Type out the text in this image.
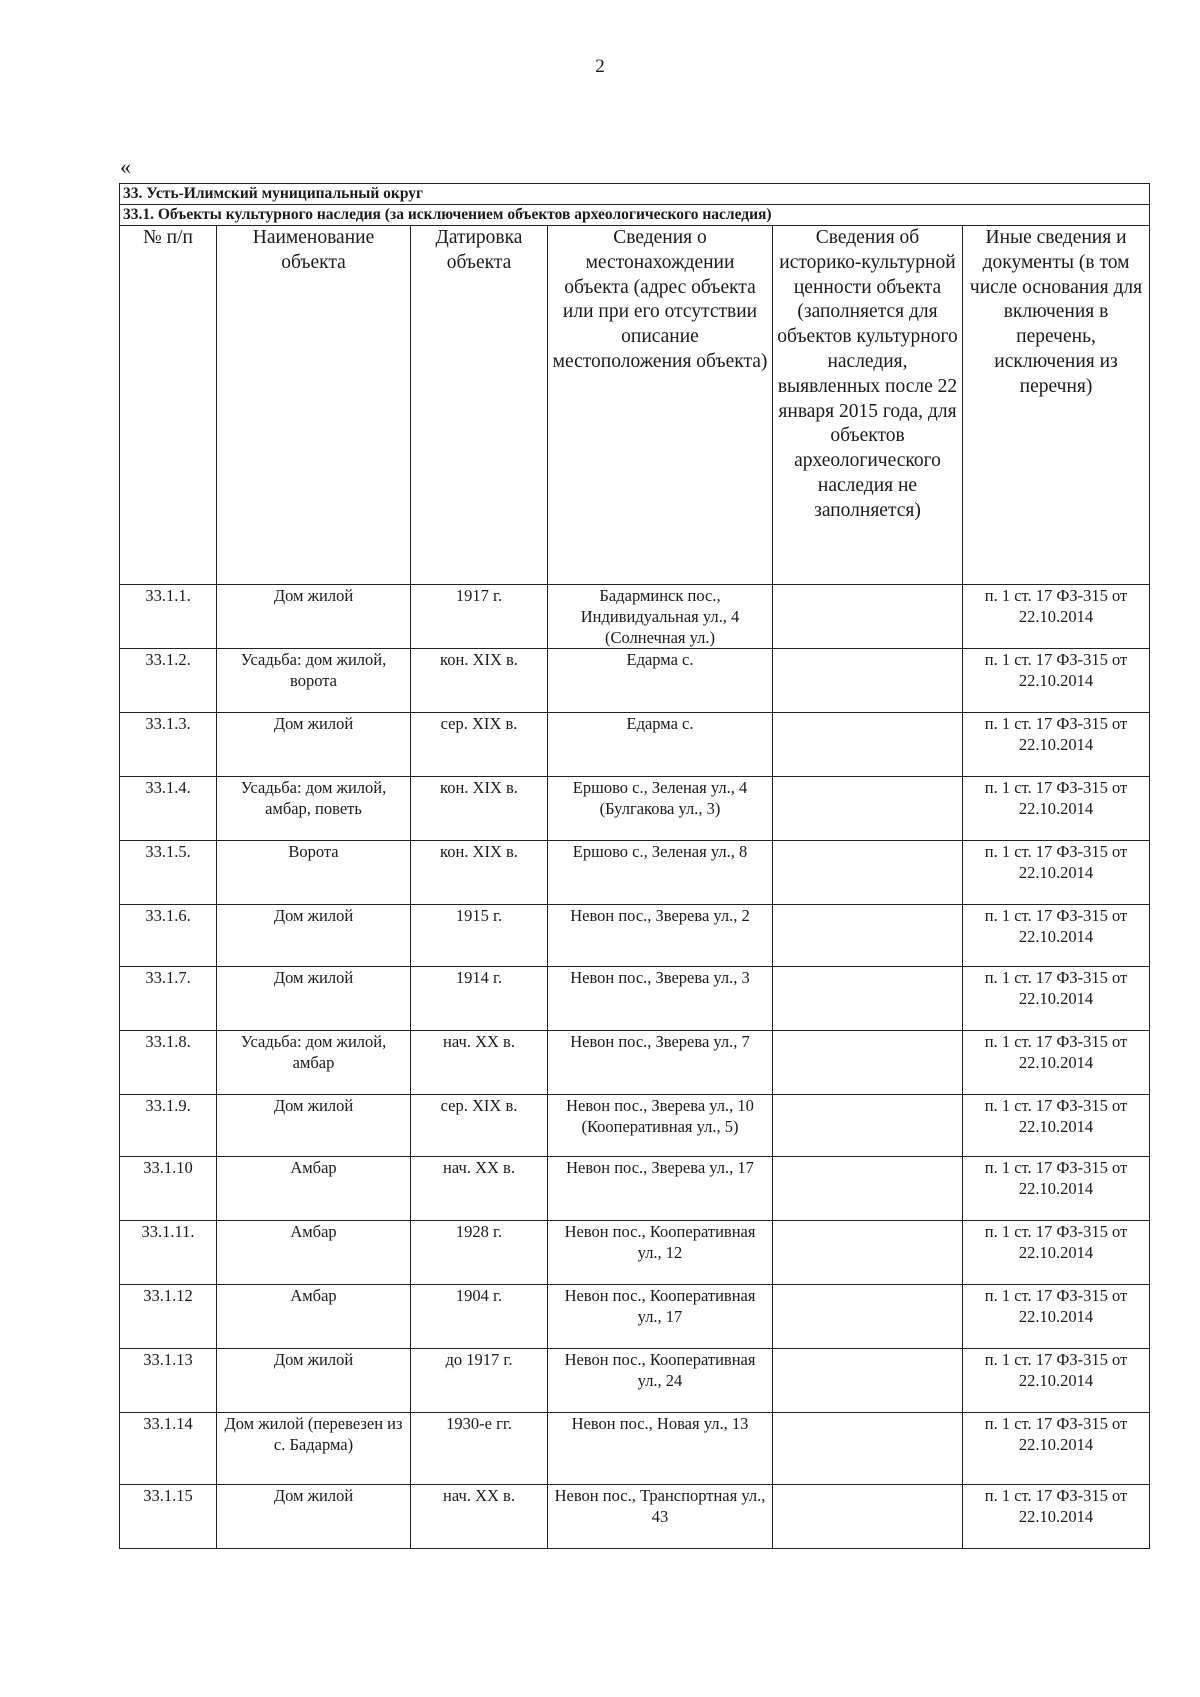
2
«
33. Усть-Илимский муниципальный округ					
33.1. Объекты культурного наследия (за исключением объектов археологического наследия)					
№ п/п	Наименование объекта	Датировка объекта	Сведения о местонахождении объекта (адрес объекта или при его отсутствии описание местоположения объекта)	Сведения об историко-культурной ценности объекта (заполняется для объектов культурного наследия, выявленных после 22 января 2015 года, для объектов археологического наследия не заполняется)	Иные сведения и документы (в том числе основания для включения в перечень, исключения из перечня)
33.1.1.	Дом жилой	1917 г.	Бадарминск пос., Индивидуальная ул., 4 (Солнечная ул.)		п. 1 ст. 17 ФЗ-315 от 22.10.2014
33.1.2.	Усадьба: дом жилой, ворота	кон. XIX в.	Едарма с.		п. 1 ст. 17 ФЗ-315 от 22.10.2014
33.1.3.	Дом жилой	сер. XIX в.	Едарма с.		п. 1 ст. 17 ФЗ-315 от 22.10.2014
33.1.4.	Усадьба: дом жилой, амбар, поветь	кон. XIX в.	Ершово с., Зеленая ул., 4 (Булгакова ул., 3)		п. 1 ст. 17 ФЗ-315 от 22.10.2014
33.1.5.	Ворота	кон. XIX в.	Ершово с., Зеленая ул., 8		п. 1 ст. 17 ФЗ-315 от 22.10.2014
33.1.6.	Дом жилой	1915 г.	Невон пос., Зверева ул., 2		п. 1 ст. 17 ФЗ-315 от 22.10.2014
33.1.7.	Дом жилой	1914 г.	Невон пос., Зверева ул., 3		п. 1 ст. 17 ФЗ-315 от 22.10.2014
33.1.8.	Усадьба: дом жилой, амбар	нач. XX в.	Невон пос., Зверева ул., 7		п. 1 ст. 17 ФЗ-315 от 22.10.2014
33.1.9.	Дом жилой	сер. XIX в.	Невон пос., Зверева ул., 10 (Кооперативная ул., 5)		п. 1 ст. 17 ФЗ-315 от 22.10.2014
33.1.10	Амбар	нач. XX в.	Невон пос., Зверева ул., 17		п. 1 ст. 17 ФЗ-315 от 22.10.2014
33.1.11.	Амбар	1928 г.	Невон пос., Кооперативная ул., 12		п. 1 ст. 17 ФЗ-315 от 22.10.2014
33.1.12	Амбар	1904 г.	Невон пос., Кооперативная ул., 17		п. 1 ст. 17 ФЗ-315 от 22.10.2014
33.1.13	Дом жилой	до 1917 г.	Невон пос., Кооперативная ул., 24		п. 1 ст. 17 ФЗ-315 от 22.10.2014
33.1.14	Дом жилой (перевезен из с. Бадарма)	1930-е гг.	Невон пос., Новая ул., 13		п. 1 ст. 17 ФЗ-315 от 22.10.2014
33.1.15	Дом жилой	нач. XX в.	Невон пос., Транспортная ул., 43		п. 1 ст. 17 ФЗ-315 от 22.10.2014
